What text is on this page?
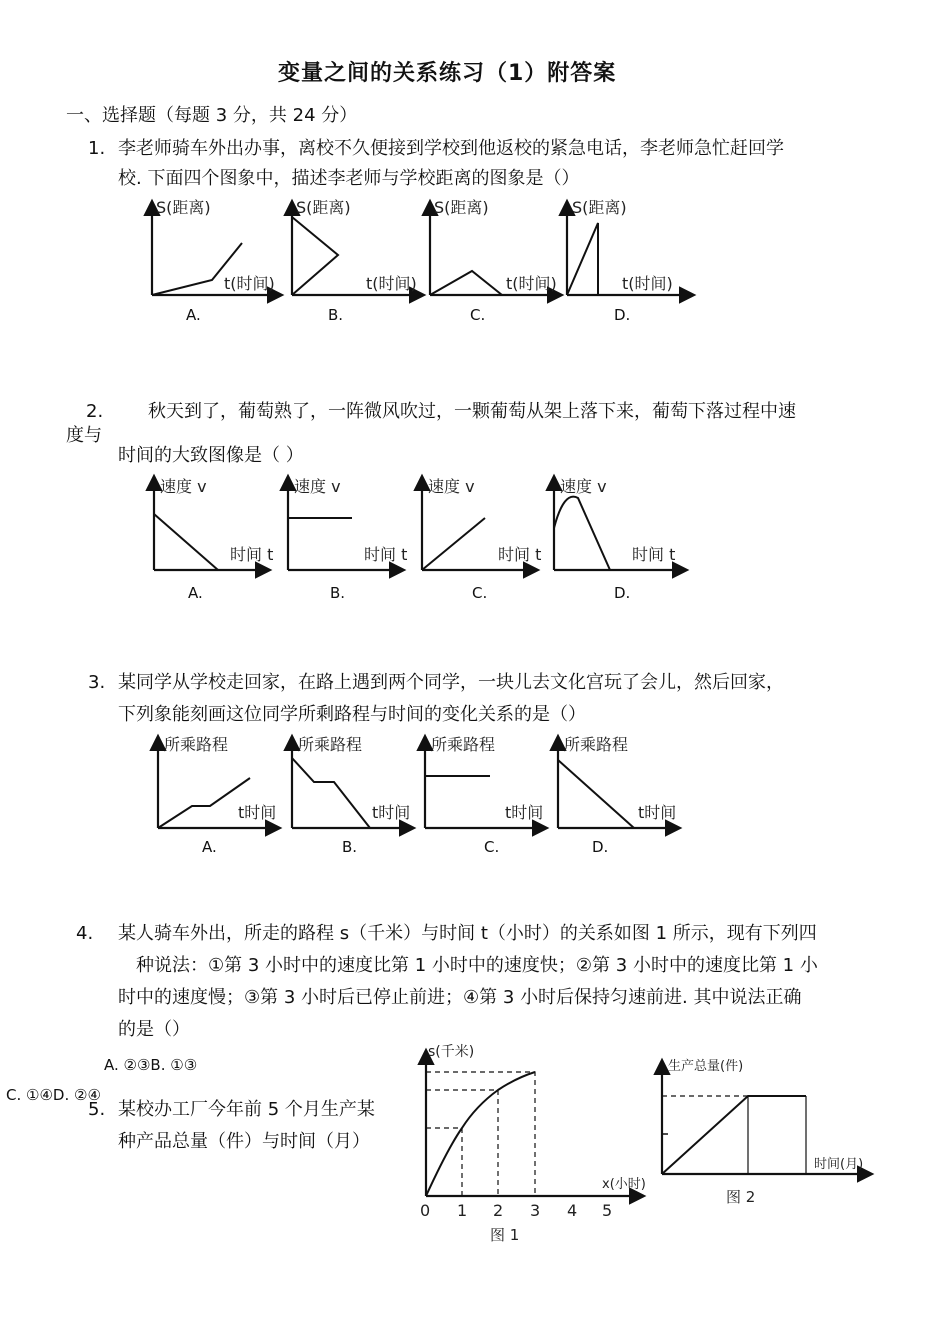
变量之间的关系练习（1）附答案
一、选择题（每题 3 分，共 24 分）
1. 李老师骑车外出办事，离校不久便接到学校到他返校的紧急电话，李老师急忙赶回学
校. 下面四个图象中，描述李老师与学校距离的图象是（）
S(距离)
t(时间)
A.
S(距离)
t(时间)
B.
S(距离)
t(时间)
C.
S(距离)
t(时间)
D.
2. 秋天到了，葡萄熟了，一阵微风吹过，一颗葡萄从架上落下来，葡萄下落过程中速
度与
时间的大致图像是（ ）
速度 v
时间 t
A.
速度 v
时间 t
B.
速度 v
时间 t
C.
速度 v
时间 t
D.
3. 某同学从学校走回家，在路上遇到两个同学，一块儿去文化宫玩了会儿，然后回家，
下列象能刻画这位同学所剩路程与时间的变化关系的是（）
所乘路程
t时间
A.
所乘路程
t时间
B.
所乘路程
t时间
C.
所乘路程
t时间
D.
4. 某人骑车外出，所走的路程 s（千米）与时间 t（小时）的关系如图 1 所示，现有下列四
种说法：①第 3 小时中的速度比第 1 小时中的速度快；②第 3 小时中的速度比第 1 小
时中的速度慢；③第 3 小时后已停止前进；④第 3 小时后保持匀速前进. 其中说法正确
的是（）
A. ②③B. ①③
C. ①④D. ②④
5. 某校办工厂今年前 5 个月生产某
种产品总量（件）与时间（月）
s(千米)
x(小时)
0 1 2 3 4 5
图 1
生产总量(件)
时间(月)
图 2
